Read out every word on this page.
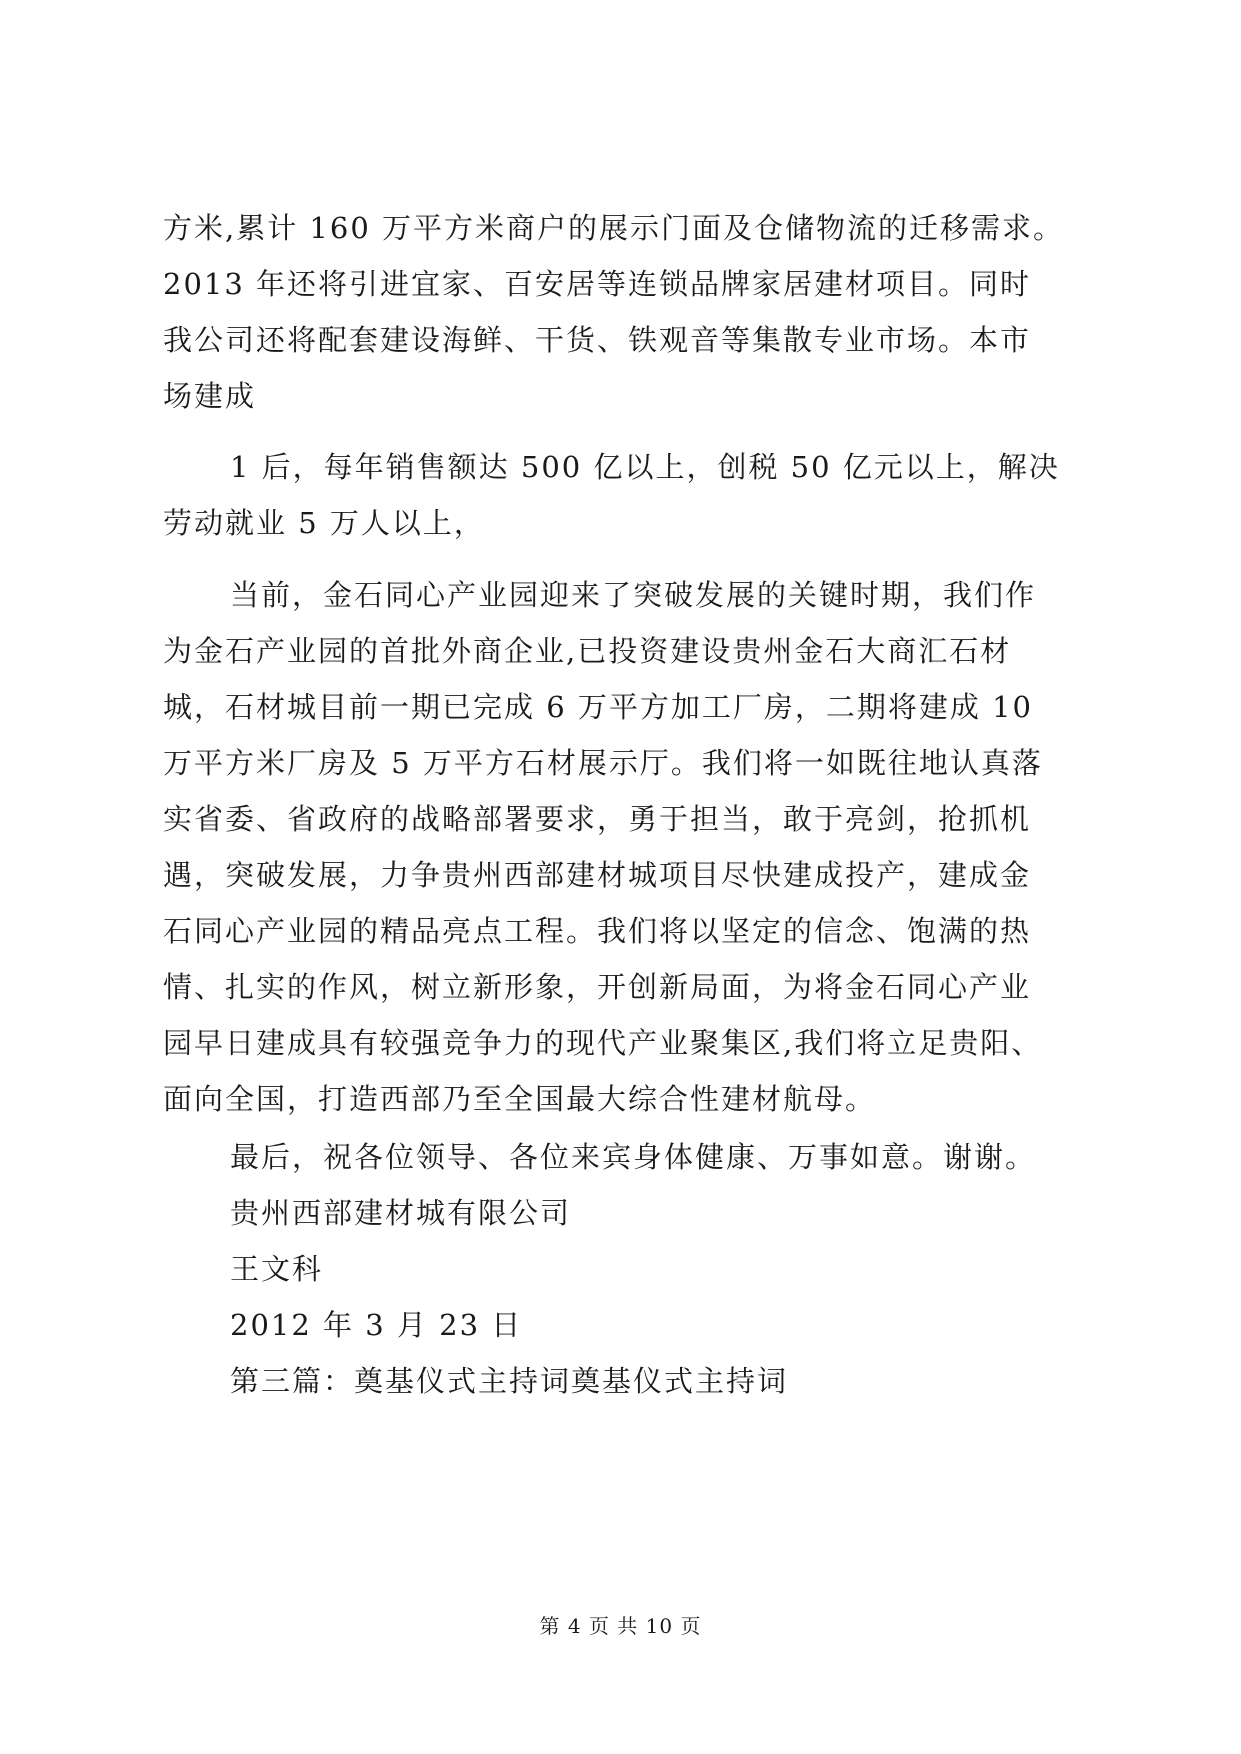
方米,累计 160 万平方米商户的展示门面及仓储物流的迁移需求。
2013 年还将引进宜家、百安居等连锁品牌家居建材项目。同时
我公司还将配套建设海鲜、干货、铁观音等集散专业市场。本市
场建成
1 后，每年销售额达 500 亿以上，创税 50 亿元以上，解决
劳动就业 5 万人以上，
当前，金石同心产业园迎来了突破发展的关键时期，我们作
为金石产业园的首批外商企业,已投资建设贵州金石大商汇石材
城，石材城目前一期已完成 6 万平方加工厂房，二期将建成 10
万平方米厂房及 5 万平方石材展示厅。我们将一如既往地认真落
实省委、省政府的战略部署要求，勇于担当，敢于亮剑，抢抓机
遇，突破发展，力争贵州西部建材城项目尽快建成投产，建成金
石同心产业园的精品亮点工程。我们将以坚定的信念、饱满的热
情、扎实的作风，树立新形象，开创新局面，为将金石同心产业
园早日建成具有较强竞争力的现代产业聚集区,我们将立足贵阳、
面向全国，打造西部乃至全国最大综合性建材航母。
最后，祝各位领导、各位来宾身体健康、万事如意。谢谢。
贵州西部建材城有限公司
王文科
2012 年 3 月 23 日
第三篇：奠基仪式主持词奠基仪式主持词
第 4 页 共 10 页
